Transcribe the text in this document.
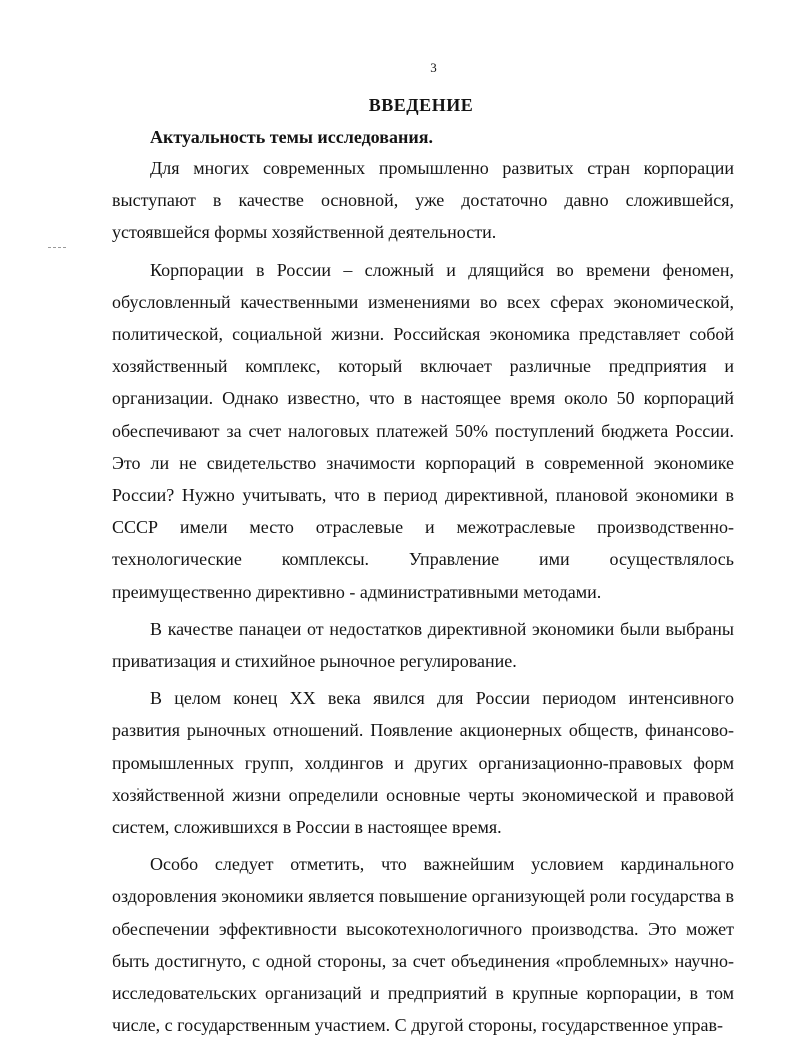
3
ВВЕДЕНИЕ
Актуальность темы исследования.

Для многих современных промышленно развитых стран корпорации выступают в качестве основной, уже достаточно давно сложившейся, устоявшейся формы хозяйственной деятельности.

Корпорации в России – сложный и длящийся во времени феномен, обусловленный качественными изменениями во всех сферах экономической, политической, социальной жизни. Российская экономика представляет собой хозяйственный комплекс, который включает различные предприятия и организации. Однако известно, что в настоящее время около 50 корпораций обеспечивают за счет налоговых платежей 50% поступлений бюджета России. Это ли не свидетельство значимости корпораций в современной экономике России? Нужно учитывать, что в период директивной, плановой экономики в СССР имели место отраслевые и межотраслевые производственно-технологические комплексы. Управление ими осуществлялось преимущественно директивно - административными методами.

В качестве панацеи от недостатков директивной экономики были выбраны приватизация и стихийное рыночное регулирование.

В целом конец XX века явился для России периодом интенсивного развития рыночных отношений. Появление акционерных обществ, финансово-промышленных групп, холдингов и других организационно-правовых форм хозяйственной жизни определили основные черты экономической и правовой систем, сложившихся в России в настоящее время.

Особо следует отметить, что важнейшим условием кардинального оздоровления экономики является повышение организующей роли государства в обеспечении эффективности высокотехнологичного производства. Это может быть достигнуто, с одной стороны, за счет объединения «проблемных» научно-исследовательских организаций и предприятий в крупные корпорации, в том числе, с государственным участием. С другой стороны, государственное управ-
